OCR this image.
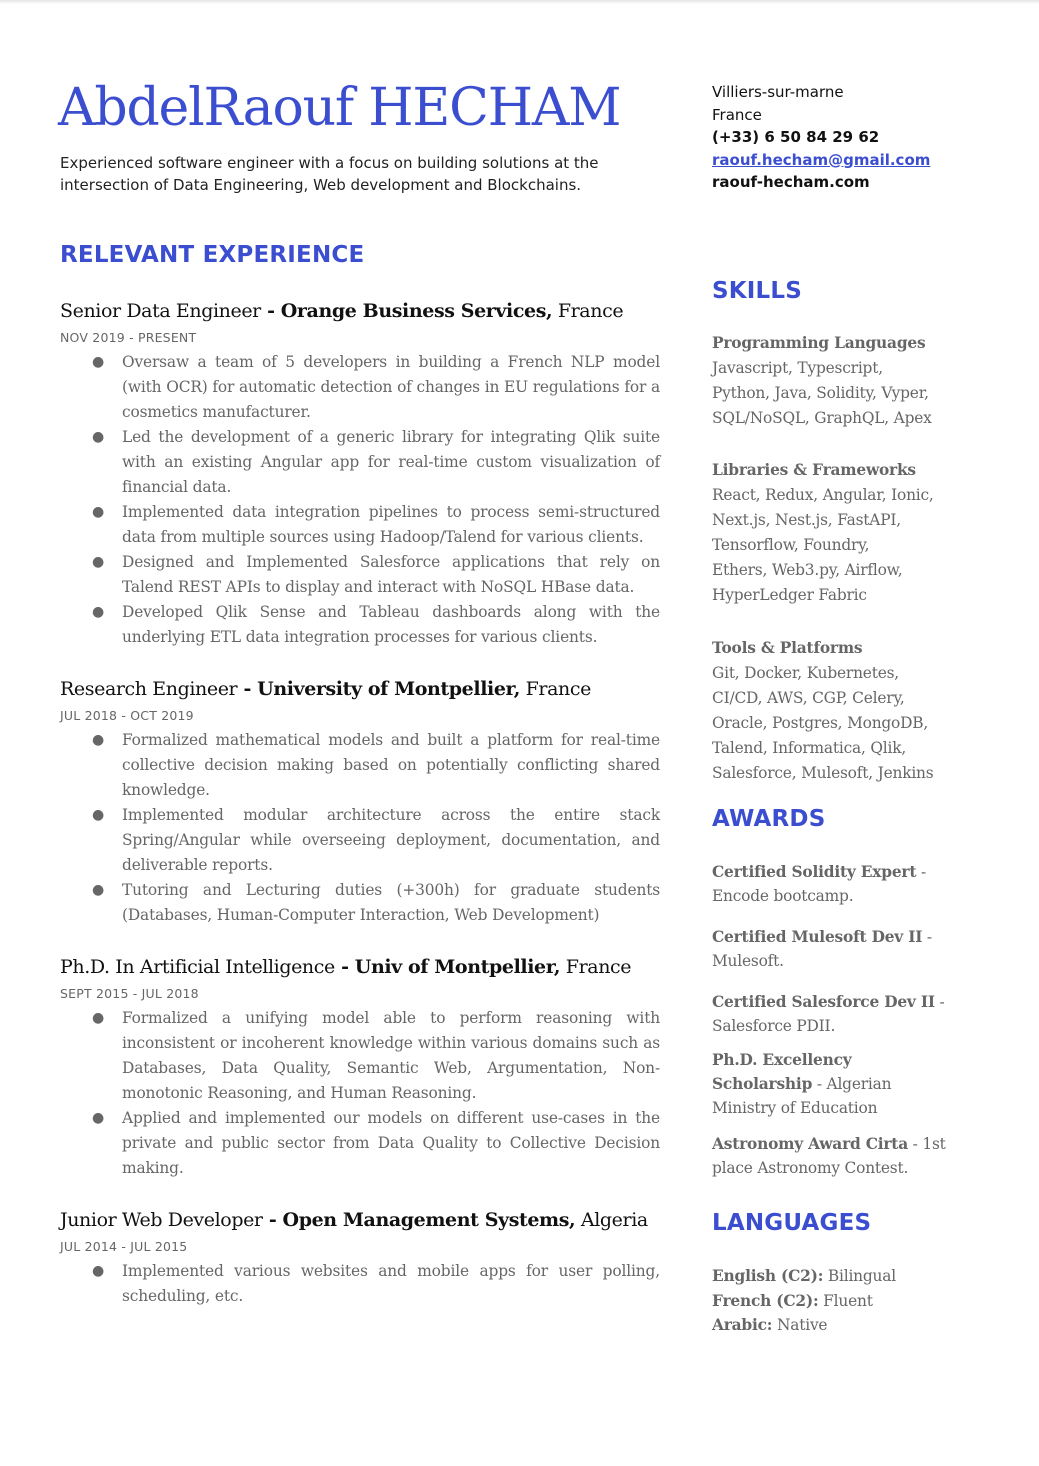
AbdelRaouf HECHAM
Experienced software engineer with a focus on building solutions at the intersection of Data Engineering, Web development and Blockchains.
Villiers-sur-marne
France
(+33) 6 50 84 29 62
raouf.hecham@gmail.com
raouf-hecham.com
RELEVANT EXPERIENCE
Senior Data Engineer - Orange Business Services, France
NOV 2019 - PRESENT
● Oversaw a team of 5 developers in building a French NLP model (with OCR) for automatic detection of changes in EU regulations for a cosmetics manufacturer.
● Led the development of a generic library for integrating Qlik suite with an existing Angular app for real-time custom visualization of financial data.
● Implemented data integration pipelines to process semi-structured data from multiple sources using Hadoop/Talend for various clients.
● Designed and Implemented Salesforce applications that rely on Talend REST APIs to display and interact with NoSQL HBase data.
● Developed Qlik Sense and Tableau dashboards along with the underlying ETL data integration processes for various clients.
Research Engineer - University of Montpellier, France
JUL 2018 - OCT 2019
● Formalized mathematical models and built a platform for real-time collective decision making based on potentially conflicting shared knowledge.
● Implemented modular architecture across the entire stack Spring/Angular while overseeing deployment, documentation, and deliverable reports.
● Tutoring and Lecturing duties (+300h) for graduate students (Databases, Human-Computer Interaction, Web Development)
Ph.D. In Artificial Intelligence - Univ of Montpellier, France
SEPT 2015 - JUL 2018
● Formalized a unifying model able to perform reasoning with inconsistent or incoherent knowledge within various domains such as Databases, Data Quality, Semantic Web, Argumentation, Non-monotonic Reasoning, and Human Reasoning.
● Applied and implemented our models on different use-cases in the private and public sector from Data Quality to Collective Decision making.
Junior Web Developer - Open Management Systems, Algeria
JUL 2014 - JUL 2015
● Implemented various websites and mobile apps for user polling, scheduling, etc.
SKILLS
Programming Languages
Javascript, Typescript,
Python, Java, Solidity, Vyper,
SQL/NoSQL, GraphQL, Apex
Libraries & Frameworks
React, Redux, Angular, Ionic,
Next.js, Nest.js, FastAPI,
Tensorflow, Foundry,
Ethers, Web3.py, Airflow,
HyperLedger Fabric
Tools & Platforms
Git, Docker, Kubernetes,
CI/CD, AWS, CGP, Celery,
Oracle, Postgres, MongoDB,
Talend, Informatica, Qlik,
Salesforce, Mulesoft, Jenkins
AWARDS
Certified Solidity Expert -
Encode bootcamp.
Certified Mulesoft Dev II -
Mulesoft.
Certified Salesforce Dev II -
Salesforce PDII.
Ph.D. Excellency
Scholarship - Algerian
Ministry of Education
Astronomy Award Cirta - 1st
place Astronomy Contest.
LANGUAGES
English (C2): Bilingual
French (C2): Fluent
Arabic: Native
